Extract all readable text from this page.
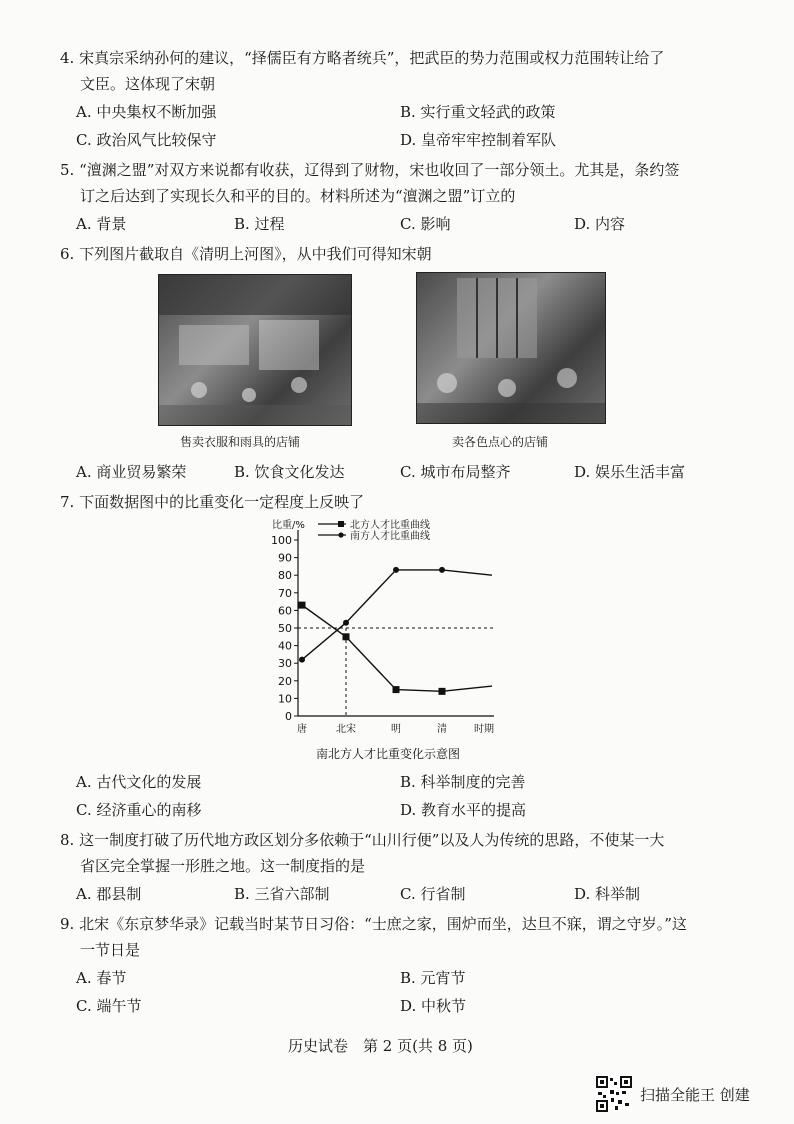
4. 宋真宗采纳孙何的建议，“择儒臣有方略者统兵”，把武臣的势力范围或权力范围转让给了
文臣。这体现了宋朝
A. 中央集权不断加强	B. 实行重文轻武的政策
C. 政治风气比较保守	D. 皇帝牢牢控制着军队
5. “澶渊之盟”对双方来说都有收获，辽得到了财物，宋也收回了一部分领土。尤其是，条约签
订之后达到了实现长久和平的目的。材料所述为“澶渊之盟”订立的
A. 背景	B. 过程	C. 影响	D. 内容
6. 下列图片截取自《清明上河图》，从中我们可得知宋朝
售卖衣服和雨具的店铺	卖各色点心的店铺
A. 商业贸易繁荣	B. 饮食文化发达	C. 城市布局整齐	D. 娱乐生活丰富
7. 下面数据图中的比重变化一定程度上反映了
0
10
20
30
40
50
60
70
80
90
100
比重/%
唐	北宋	明	清	时期
北方人才比重曲线
南方人才比重曲线
南北方人才比重变化示意图
A. 古代文化的发展	B. 科举制度的完善
C. 经济重心的南移	D. 教育水平的提高
8. 这一制度打破了历代地方政区划分多依赖于“山川行便”以及人为传统的思路，不使某一大
省区完全掌握一形胜之地。这一制度指的是
A. 郡县制	B. 三省六部制	C. 行省制	D. 科举制
9. 北宋《东京梦华录》记载当时某节日习俗：“士庶之家，围炉而坐，达旦不寐，谓之守岁。”这
一节日是
A. 春节	B. 元宵节
C. 端午节	D. 中秋节
历史试卷　第 2 页(共 8 页)
扫描全能王 创建
